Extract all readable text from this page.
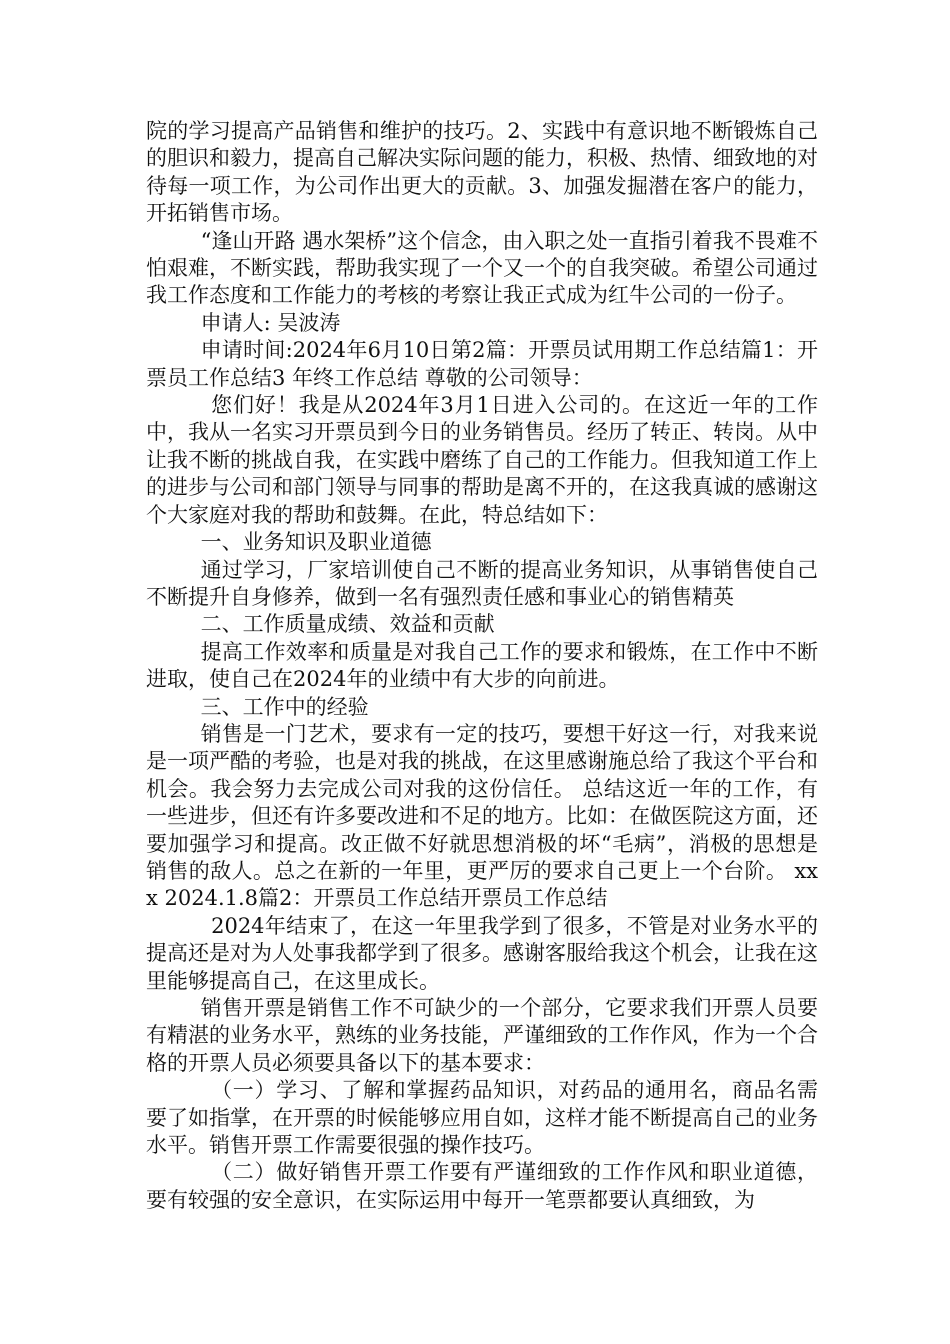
院的学习提高产品销售和维护的技巧。2、实践中有意识地不断锻炼自己的胆识和毅力，提高自己解决实际问题的能力，积极、热情、细致地的对待每一项工作，为公司作出更大的贡献。3、加强发掘潜在客户的能力，开拓销售市场。

“逢山开路 遇水架桥”这个信念，由入职之处一直指引着我不畏难不怕艰难，不断实践，帮助我实现了一个又一个的自我突破。希望公司通过我工作态度和工作能力的考核的考察让我正式成为红牛公司的一份子。

申请人: 吴波涛

申请时间:2024年6月10日第2篇：开票员试用期工作总结篇1：开票员工作总结3 年终工作总结 尊敬的公司领导：

您们好！我是从2024年3月1日进入公司的。在这近一年的工作中，我从一名实习开票员到今日的业务销售员。经历了转正、转岗。从中让我不断的挑战自我，在实践中磨练了自己的工作能力。但我知道工作上的进步与公司和部门领导与同事的帮助是离不开的，在这我真诚的感谢这个大家庭对我的帮助和鼓舞。在此，特总结如下：

一、业务知识及职业道德

通过学习，厂家培训使自己不断的提高业务知识，从事销售使自己不断提升自身修养，做到一名有强烈责任感和事业心的销售精英

二、工作质量成绩、效益和贡献

提高工作效率和质量是对我自己工作的要求和锻炼，在工作中不断进取，使自己在2024年的业绩中有大步的向前进。

三、工作中的经验

销售是一门艺术，要求有一定的技巧，要想干好这一行，对我来说是一项严酷的考验，也是对我的挑战，在这里感谢施总给了我这个平台和机会。我会努力去完成公司对我的这份信任。 总结这近一年的工作，有一些进步，但还有许多要改进和不足的地方。比如：在做医院这方面，还要加强学习和提高。改正做不好就思想消极的坏“毛病”，消极的思想是销售的敌人。总之在新的一年里，更严厉的要求自己更上一个台阶。 xxx 2024.1.8篇2：开票员工作总结开票员工作总结

2024年结束了，在这一年里我学到了很多，不管是对业务水平的提高还是对为人处事我都学到了很多。感谢客服给我这个机会，让我在这里能够提高自己，在这里成长。

销售开票是销售工作不可缺少的一个部分，它要求我们开票人员要有精湛的业务水平，熟练的业务技能，严谨细致的工作作风，作为一个合格的开票人员必须要具备以下的基本要求：

（一）学习、了解和掌握药品知识，对药品的通用名，商品名需要了如指掌，在开票的时候能够应用自如，这样才能不断提高自己的业务水平。销售开票工作需要很强的操作技巧。

（二）做好销售开票工作要有严谨细致的工作作风和职业道德，要有较强的安全意识，在实际运用中每开一笔票都要认真细致，为
